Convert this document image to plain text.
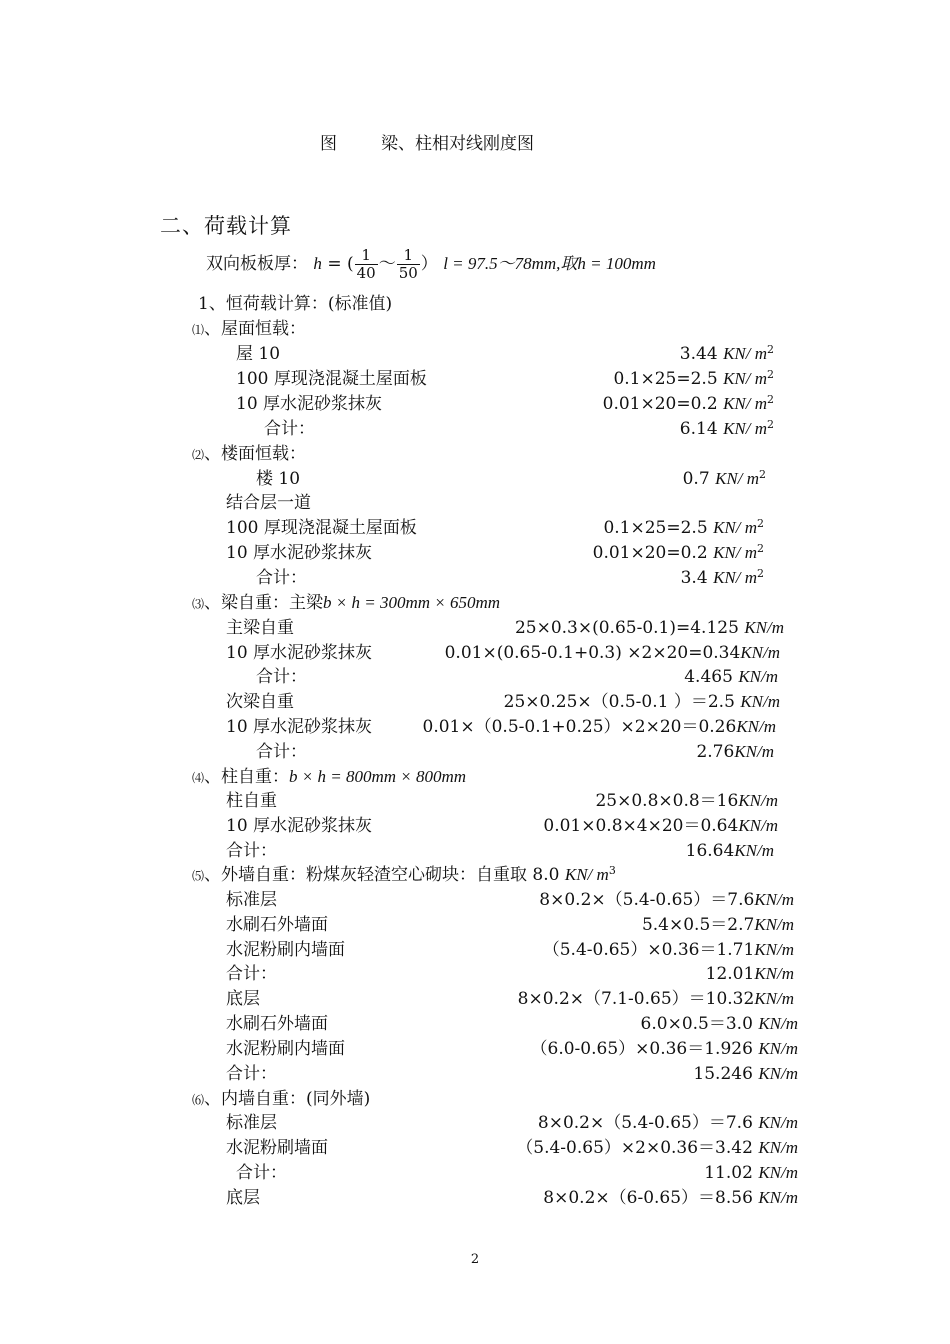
图	梁、柱相对线刚度图
二、荷载计算
双向板板厚： h = ( $\frac{1}{40}$ ～ $\frac{1}{50}$ ） l = 97.5～78mm,取h = 100mm
1、恒荷载计算：(标准值)
⑴、屋面恒载：
屋 10	3.44 KN/ $m^2$
100 厚现浇混凝土屋面板	0.1×25=2.5 KN/ $m^2$
10 厚水泥砂浆抹灰	0.01×20=0.2 KN/ $m^2$
合计：	6.14 KN/ $m^2$
⑵、楼面恒载：
楼 10	0.7 KN/ $m^2$
结合层一道
100 厚现浇混凝土屋面板	0.1×25=2.5 KN/ $m^2$
10 厚水泥砂浆抹灰	0.01×20=0.2 KN/ $m^2$
合计：	3.4 KN/ $m^2$
⑶、梁自重：主梁b × h = 300mm × 650mm
主梁自重	25×0.3×(0.65-0.1)=4.125 KN/m
10 厚水泥砂浆抹灰	0.01×(0.65-0.1+0.3) ×2×20=0.34KN/m
合计：	4.465 KN/m
次梁自重	25×0.25×（0.5-0.1 ）＝2.5 KN/m
10 厚水泥砂浆抹灰	0.01×（0.5-0.1+0.25）×2×20＝0.26KN/m
合计：	2.76KN/m
⑷、柱自重：b × h = 800mm × 800mm
柱自重	25×0.8×0.8＝16KN/m
10 厚水泥砂浆抹灰	0.01×0.8×4×20＝0.64KN/m
合计：	16.64KN/m
⑸、外墙自重：粉煤灰轻渣空心砌块：自重取 8.0 KN/ $m^3$
标准层	8×0.2×（5.4-0.65）＝7.6KN/m
水刷石外墙面	5.4×0.5＝2.7KN/m
水泥粉刷内墙面	（5.4-0.65）×0.36＝1.71KN/m
合计：	12.01KN/m
底层	8×0.2×（7.1-0.65）＝10.32KN/m
水刷石外墙面	6.0×0.5＝3.0 KN/m
水泥粉刷内墙面	（6.0-0.65）×0.36＝1.926 KN/m
合计：	15.246 KN/m
⑹、内墙自重：(同外墙)
标准层	8×0.2×（5.4-0.65）＝7.6 KN/m
水泥粉刷墙面	（5.4-0.65）×2×0.36＝3.42 KN/m
合计：	11.02 KN/m
底层	8×0.2×（6-0.65）＝8.56 KN/m
2
